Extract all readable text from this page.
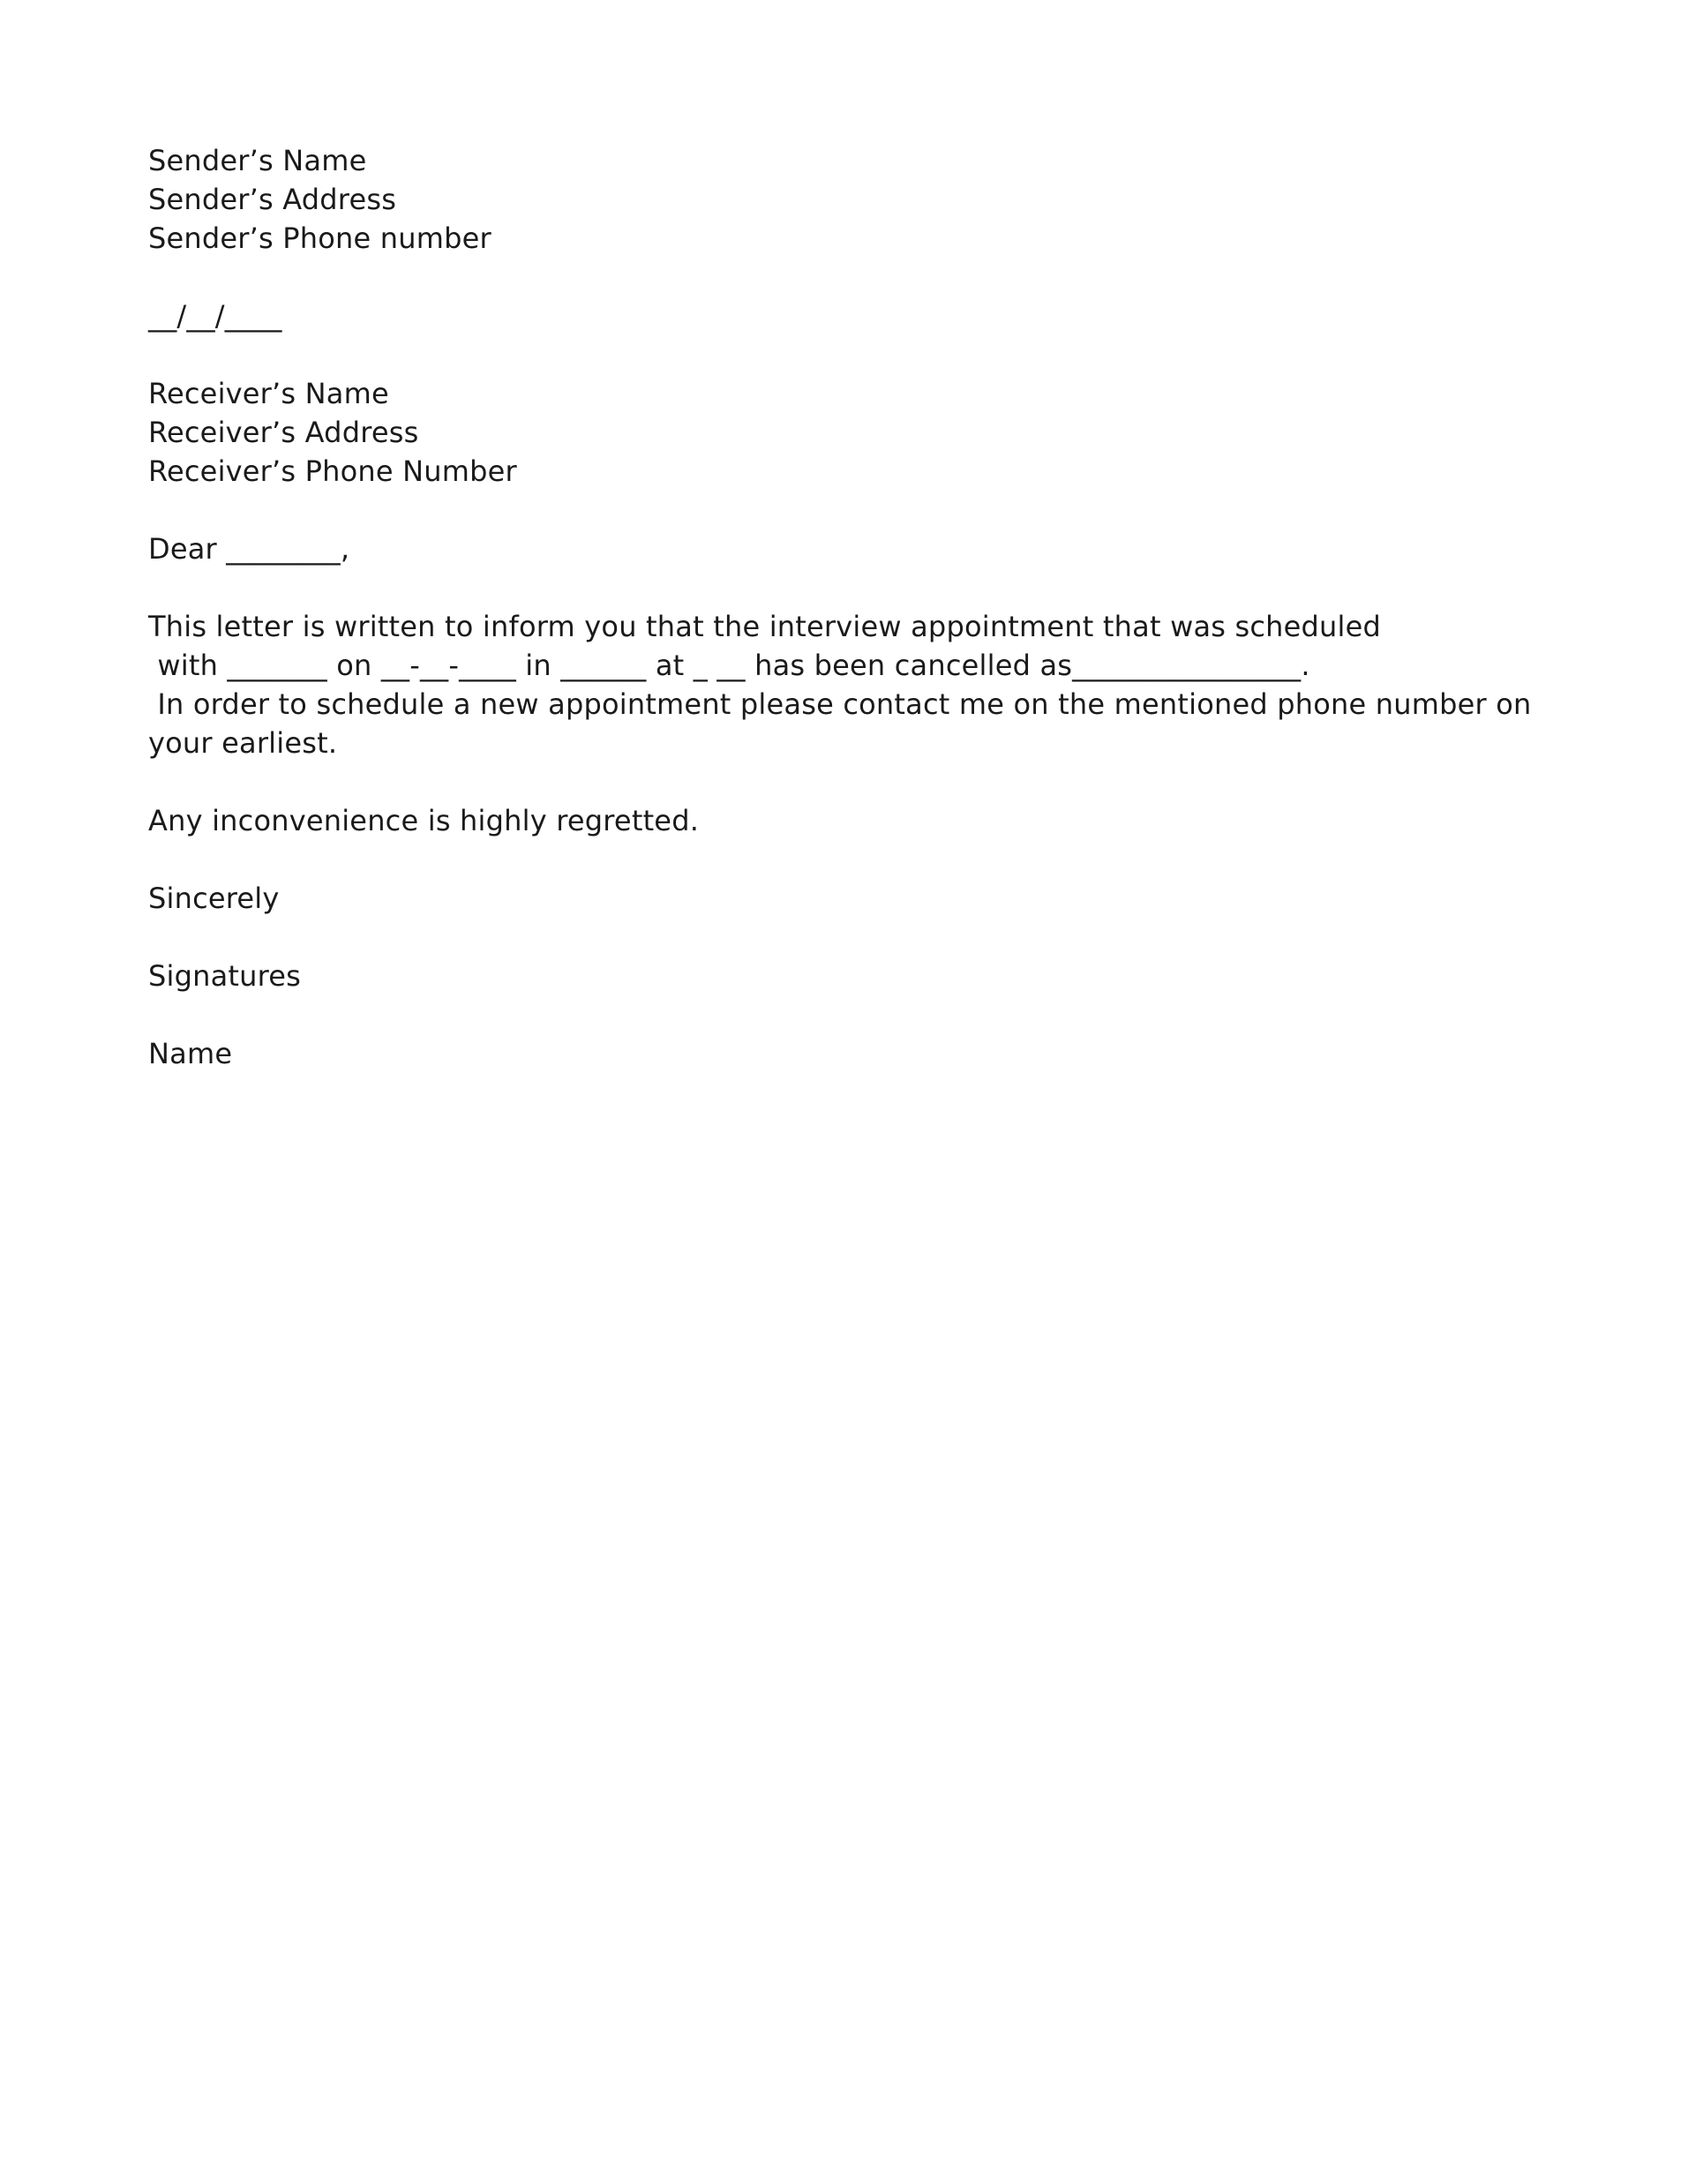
Sender’s Name
Sender’s Address
Sender’s Phone number
__/__/____
Receiver’s Name
Receiver’s Address
Receiver’s Phone Number
Dear ________,
This letter is written to inform you that the interview appointment that was scheduled
with _______ on __-__-____ in ______ at _ __ has been cancelled as________________.
In order to schedule a new appointment please contact me on the mentioned phone number on
your earliest.
Any inconvenience is highly regretted.
Sincerely
Signatures
Name
